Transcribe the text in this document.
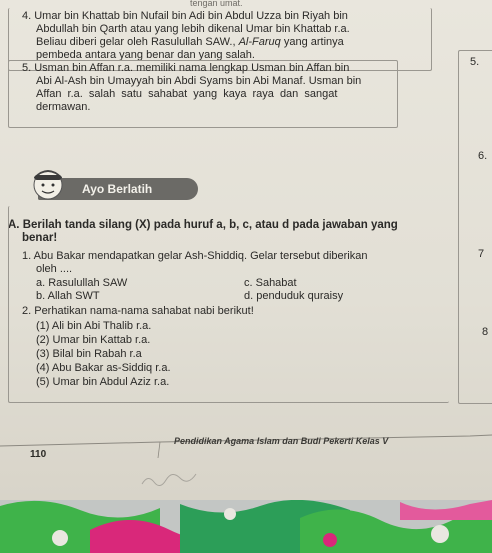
tengan umat.
4. Umar bin Khattab bin Nufail bin Adi bin Abdul Uzza bin Riyah bin
Abdullah bin Qarth atau yang lebih dikenal Umar bin Khattab r.a.
Beliau diberi gelar oleh Rasulullah SAW., Al-Faruq yang artinya
pembeda antara yang benar dan yang salah.
5. Usman bin Affan r.a. memiliki nama lengkap Usman bin Affan bin
Abi Al-Ash bin Umayyah bin Abdi Syams bin Abi Manaf. Usman bin
Affan r.a. salah satu sahabat yang kaya raya dan sangat
dermawan.
5.
6.
7
8
Ayo Berlatih
A. Berilah tanda silang (X) pada huruf a, b, c, atau d pada jawaban yang
benar!
1. Abu Bakar mendapatkan gelar Ash-Shiddiq. Gelar tersebut diberikan
oleh ....
a. Rasulullah SAW
b. Allah SWT
c. Sahabat
d. penduduk quraisy
2. Perhatikan nama-nama sahabat nabi berikut!
(1) Ali bin Abi Thalib r.a.
(2) Umar bin Kattab r.a.
(3) Bilal bin Rabah r.a
(4) Abu Bakar as-Siddiq r.a.
(5) Umar bin Abdul Aziz r.a.
Pendidikan Agama Islam dan Budi Pekerti Kelas V
110
